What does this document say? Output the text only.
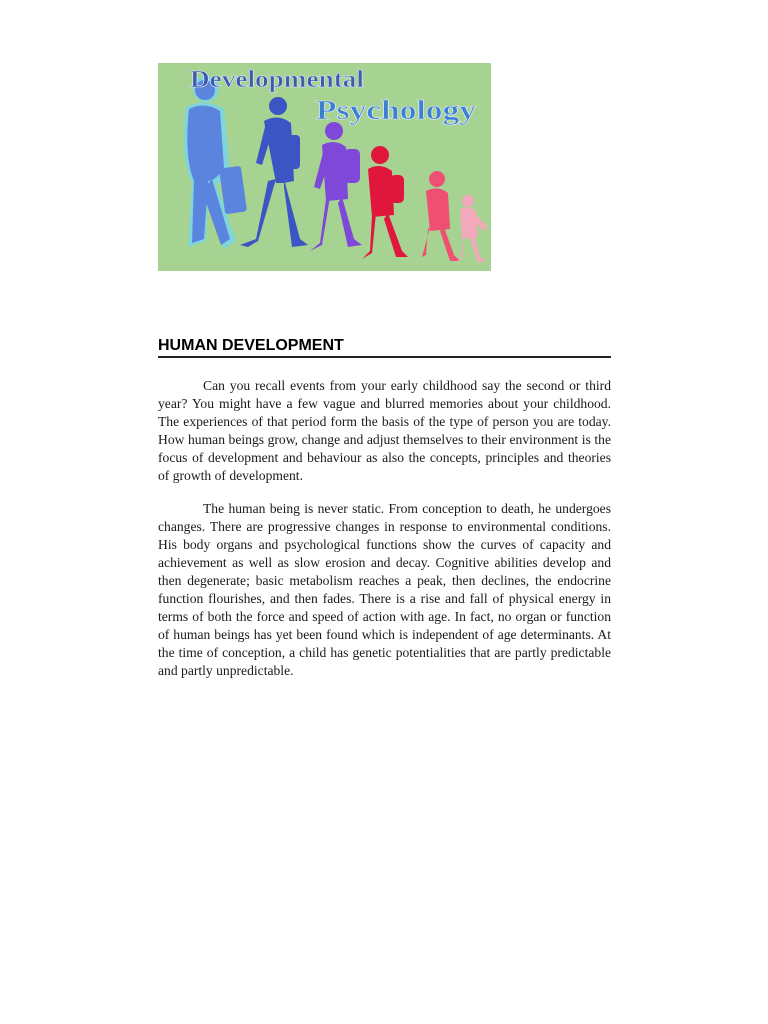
Developmental
Psychology
HUMAN DEVELOPMENT

Can you recall events from your early childhood say the second or third year? You might have a few vague and blurred memories about your childhood. The experiences of that period form the basis of the type of person you are today. How human beings grow, change and adjust themselves to their environment is the focus of development and behaviour as also the concepts, principles and theories of growth of development.

The human being is never static. From conception to death, he undergoes changes. There are progressive changes in response to environmental conditions. His body organs and psychological functions show the curves of capacity and achievement as well as slow erosion and decay. Cognitive abilities develop and then degenerate; basic metabolism reaches a peak, then declines, the endocrine function flourishes, and then fades. There is a rise and fall of physical energy in terms of both the force and speed of action with age. In fact, no organ or function of human beings has yet been found which is independent of age determinants. At the time of conception, a child has genetic potentialities that are partly predictable and partly unpredictable.
